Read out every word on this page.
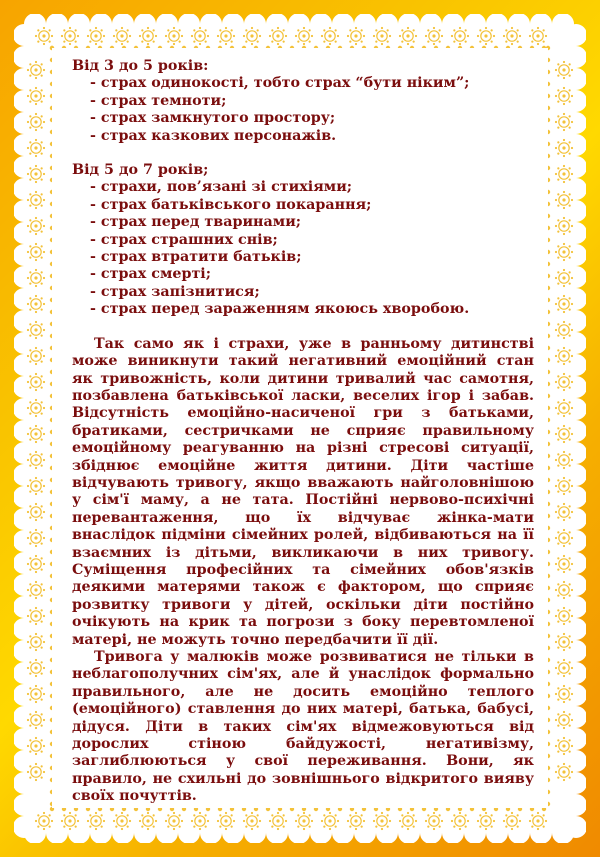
Від 3 до 5 років:

- страх одинокості, тобто страх “бути ніким”;
- страх темноти;
- страх замкнутого простору;
- страх казкових персонажів.

Від 5 до 7 років;

- страхи, пов’язані зі стихіями;
- страх батьківського покарання;
- страх перед тваринами;
- страх страшних снів;
- страх втратити батьків;
- страх смерті;
- страх запізнитися;
- страх перед зараженням якоюсь хворобою.

Так само як і страхи, уже в ранньому дитинстві може виникнути такий негативний емоційний стан як тривожність, коли дитини тривалий час самотня, позбавлена батьківської ласки, веселих ігор і забав. Відсутність емоційно-насиченої гри з батьками, братиками, сестричками не сприяє правильному емоційному реагуванню на різні стресові ситуації, збіднює емоційне життя дитини. Діти частіше відчувають тривогу, якщо вважають найголовнішою у сім'ї маму, а не тата. Постійні нервово-психічні перевантаження, що їх відчуває жінка-мати внаслідок підміни сімейних ролей, відбиваються на її взаємних із дітьми, викликаючи в них тривогу. Суміщення професійних та сімейних обов'язків деякими матерями також є фактором, що сприяє розвитку тривоги у дітей, оскільки діти постійно очікують на крик та погрози з боку перевтомленої матері, не можуть точно передбачити її дії.

Тривога у малюків може розвиватися не тільки в неблагополучних сім'ях, але й унаслідок формально правильного, але не досить емоційно теплого (емоційного) ставлення до них матері, батька, бабусі, дідуся. Діти в таких сім'ях відмежовуються від дорослих стіною байдужості, негативізму, заглиблюються у свої переживання. Вони, як правило, не схильні до зовнішнього відкритого вияву своїх почуттів.
